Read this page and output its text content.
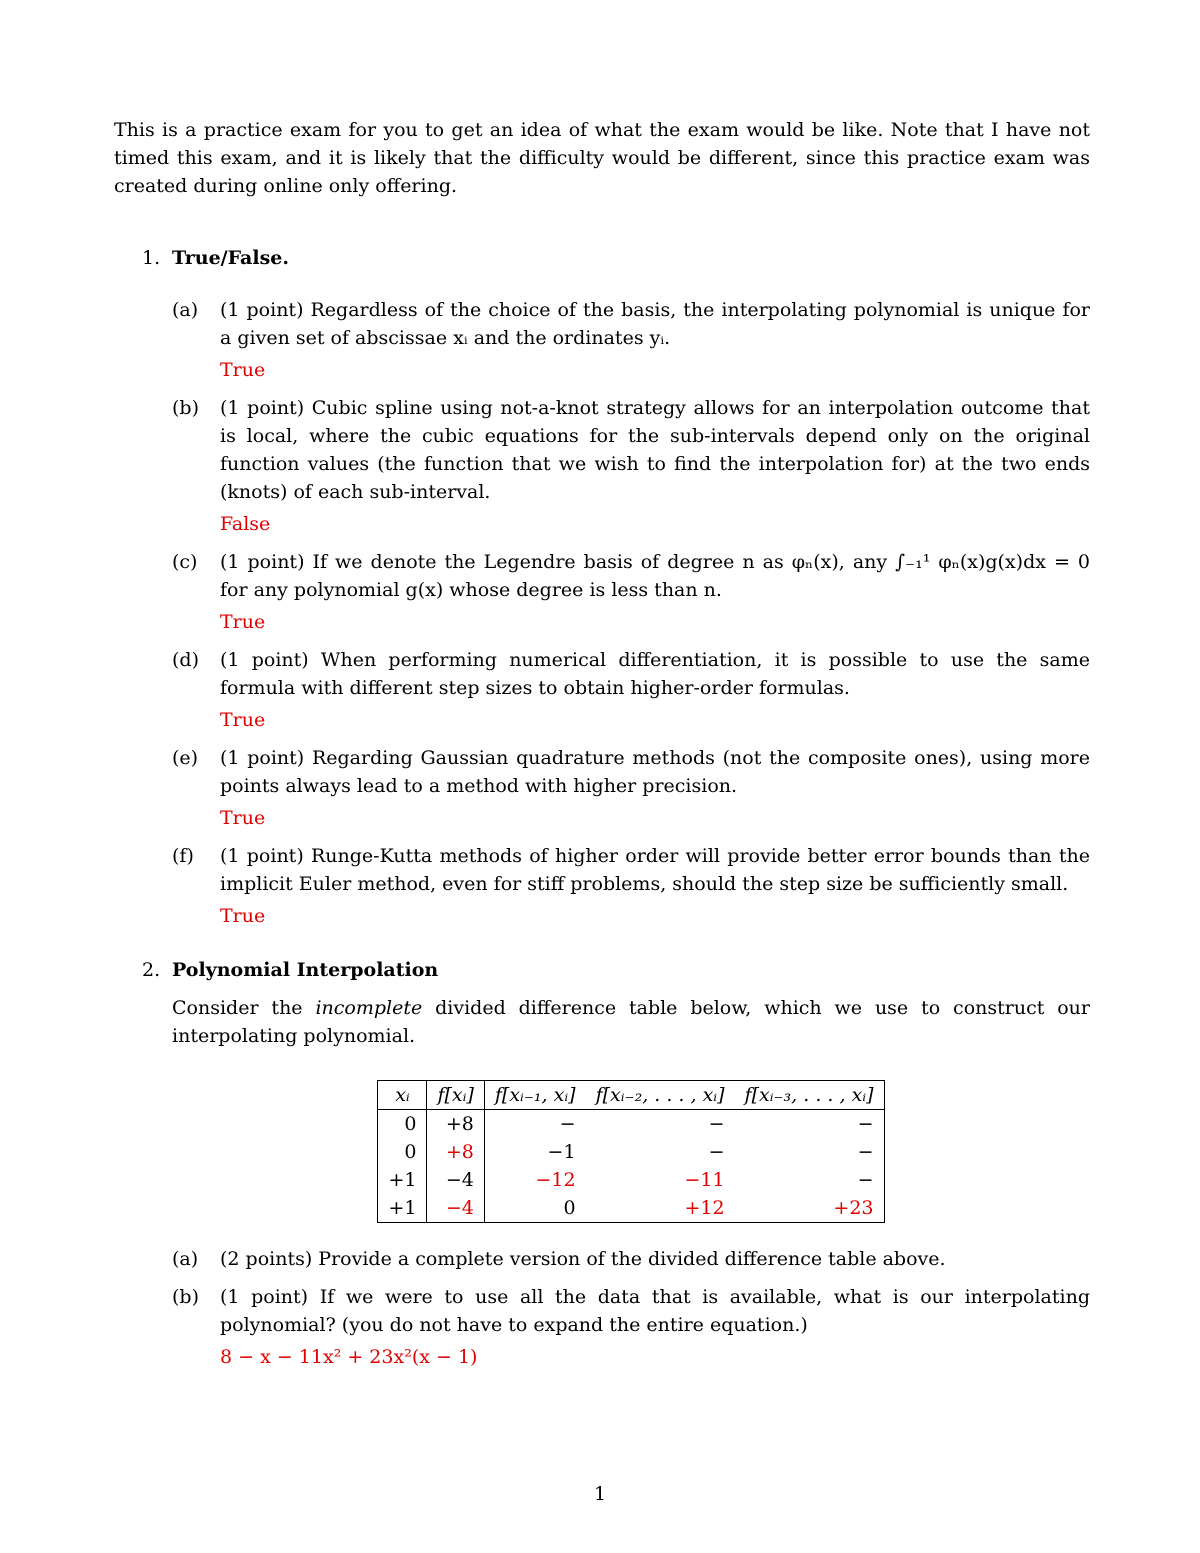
This is a practice exam for you to get an idea of what the exam would be like. Note that I have not timed this exam, and it is likely that the difficulty would be different, since this practice exam was created during online only offering.

1. True/False.
(a) (1 point) Regardless of the choice of the basis, the interpolating polynomial is unique for a given set of abscissae xᵢ and the ordinates yᵢ.
True
(b) (1 point) Cubic spline using not-a-knot strategy allows for an interpolation outcome that is local, where the cubic equations for the sub-intervals depend only on the original function values (the function that we wish to find the interpolation for) at the two ends (knots) of each sub-interval.
False
(c) (1 point) If we denote the Legendre basis of degree n as φₙ(x), any ∫₋₁¹ φₙ(x)g(x)dx = 0 for any polynomial g(x) whose degree is less than n.
True
(d) (1 point) When performing numerical differentiation, it is possible to use the same formula with different step sizes to obtain higher-order formulas.
True
(e) (1 point) Regarding Gaussian quadrature methods (not the composite ones), using more points always lead to a method with higher precision.
True
(f) (1 point) Runge-Kutta methods of higher order will provide better error bounds than the implicit Euler method, even for stiff problems, should the step size be sufficiently small.
True
2. Polynomial Interpolation
Consider the incomplete divided difference table below, which we use to construct our interpolating polynomial.
xᵢ	f[xᵢ]	f[xᵢ₋₁, xᵢ]	f[xᵢ₋₂, . . . , xᵢ]	f[xᵢ₋₃, . . . , xᵢ]
0	+8	−	−	−
0	+8	−1	−	−
+1	−4	−12	−11	−
+1	−4	0	+12	+23
(a) (2 points) Provide a complete version of the divided difference table above.
(b) (1 point) If we were to use all the data that is available, what is our interpolating polynomial? (you do not have to expand the entire equation.)
8 − x − 11x² + 23x²(x − 1)
1
